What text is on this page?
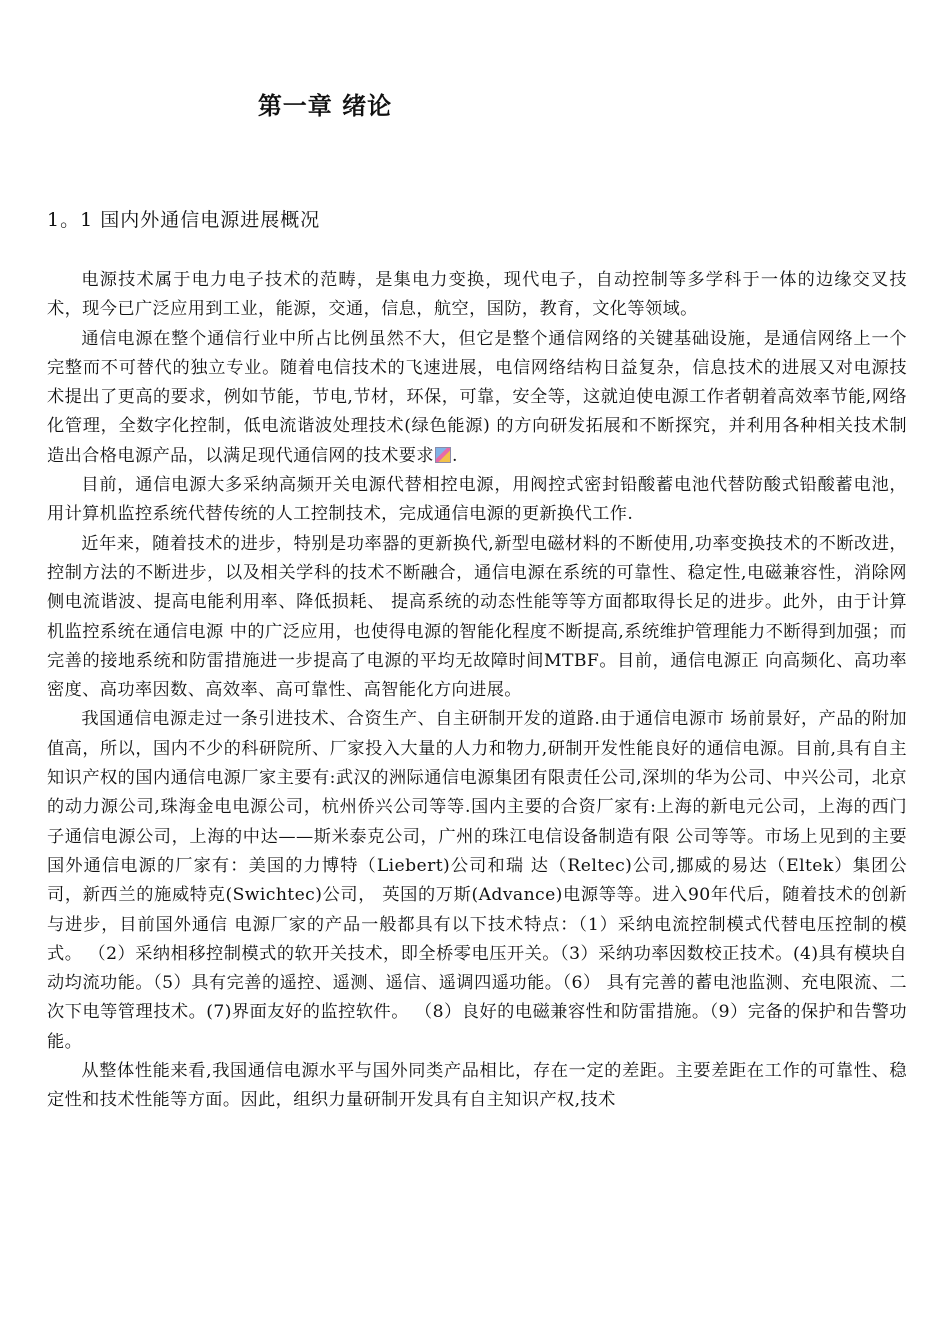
第一章 绪论
1。1 国内外通信电源进展概况

电源技术属于电力电子技术的范畴，是集电力变换，现代电子，自动控制等多学科于一体的边缘交叉技术，现今已广泛应用到工业，能源，交通，信息，航空，国防，教育，文化等领域。

通信电源在整个通信行业中所占比例虽然不大，但它是整个通信网络的关键基础设施，是通信网络上一个完整而不可替代的独立专业。随着电信技术的飞速进展，电信网络结构日益复杂，信息技术的进展又对电源技术提出了更高的要求，例如节能，节电,节材，环保，可靠，安全等，这就迫使电源工作者朝着高效率节能,网络化管理，全数字化控制，低电流谐波处理技术(绿色能源) 的方向研发拓展和不断探究，并利用各种相关技术制造出合格电源产品，以满足现代通信网的技术要求 .

目前，通信电源大多采纳高频开关电源代替相控电源，用阀控式密封铅酸蓄电池代替防酸式铅酸蓄电池，用计算机监控系统代替传统的人工控制技术，完成通信电源的更新换代工作.

近年来，随着技术的进步，特别是功率器的更新换代,新型电磁材料的不断使用,功率变换技术的不断改进，控制方法的不断进步，以及相关学科的技术不断融合，通信电源在系统的可靠性、稳定性,电磁兼容性，消除网侧电流谐波、提高电能利用率、降低损耗、 提高系统的动态性能等等方面都取得长足的进步。此外，由于计算机监控系统在通信电源 中的广泛应用，也使得电源的智能化程度不断提高,系统维护管理能力不断得到加强；而 完善的接地系统和防雷措施进一步提高了电源的平均无故障时间MTBF。目前，通信电源正 向高频化、高功率密度、高功率因数、高效率、高可靠性、高智能化方向进展。

我国通信电源走过一条引进技术、合资生产、自主研制开发的道路.由于通信电源市 场前景好，产品的附加值高，所以，国内不少的科研院所、厂家投入大量的人力和物力,研制开发性能良好的通信电源。目前,具有自主知识产权的国内通信电源厂家主要有:武汉的洲际通信电源集团有限责任公司,深圳的华为公司、中兴公司，北京的动力源公司,珠海金电电源公司，杭州侨兴公司等等.国内主要的合资厂家有:上海的新电元公司，上海的西门子通信电源公司，上海的中达——斯米泰克公司，广州的珠江电信设备制造有限 公司等等。市场上见到的主要国外通信电源的厂家有：美国的力博特（Liebert)公司和瑞 达（Reltec)公司,挪威的易达（Eltek）集团公司，新西兰的施威特克(Swichtec)公司， 英国的万斯(Advance)电源等等。进入90年代后，随着技术的创新与进步，目前国外通信 电源厂家的产品一般都具有以下技术特点：（1）采纳电流控制模式代替电压控制的模式。 （2）采纳相移控制模式的软开关技术，即全桥零电压开关。（3）采纳功率因数校正技术。(4)具有模块自动均流功能。（5）具有完善的遥控、遥测、遥信、遥调四遥功能。（6） 具有完善的蓄电池监测、充电限流、二次下电等管理技术。(7)界面友好的监控软件。 （8）良好的电磁兼容性和防雷措施。（9）完备的保护和告警功能。

从整体性能来看,我国通信电源水平与国外同类产品相比，存在一定的差距。主要差距在工作的可靠性、稳定性和技术性能等方面。因此，组织力量研制开发具有自主知识产权,技术
